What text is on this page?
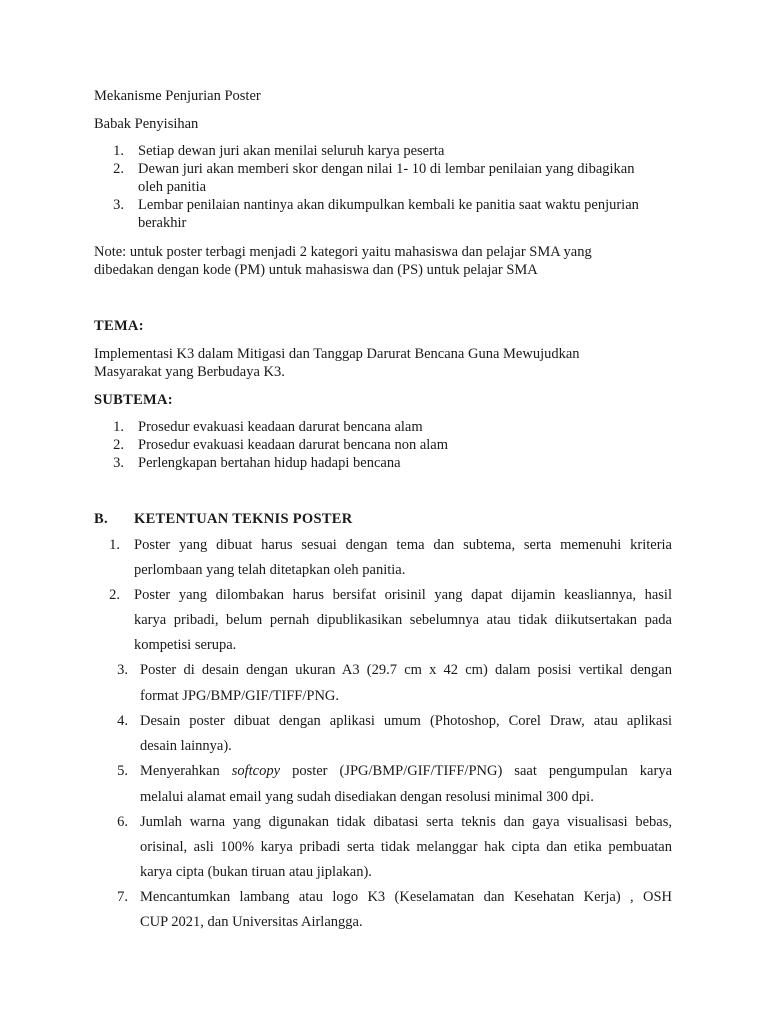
Mekanisme Penjurian Poster
Babak Penyisihan
1. Setiap dewan juri akan menilai seluruh karya peserta
2. Dewan juri akan memberi skor dengan nilai 1- 10 di lembar penilaian yang dibagikan
oleh panitia
3. Lembar penilaian nantinya akan dikumpulkan kembali ke panitia saat waktu penjurian
berakhir
Note: untuk poster terbagi menjadi 2 kategori yaitu mahasiswa dan pelajar SMA yang
dibedakan dengan kode (PM) untuk mahasiswa dan (PS) untuk pelajar SMA
TEMA:
Implementasi K3 dalam Mitigasi dan Tanggap Darurat Bencana Guna Mewujudkan
Masyarakat yang Berbudaya K3.
SUBTEMA:
1. Prosedur evakuasi keadaan darurat bencana alam
2. Prosedur evakuasi keadaan darurat bencana non alam
3. Perlengkapan bertahan hidup hadapi bencana
B. KETENTUAN TEKNIS POSTER
1. Poster yang dibuat harus sesuai dengan tema dan subtema, serta memenuhi kriteria
perlombaan yang telah ditetapkan oleh panitia.
2. Poster yang dilombakan harus bersifat orisinil yang dapat dijamin keasliannya, hasil
karya pribadi, belum pernah dipublikasikan sebelumnya atau tidak diikutsertakan pada
kompetisi serupa.
3. Poster di desain dengan ukuran A3 (29.7 cm x 42 cm) dalam posisi vertikal dengan
format JPG/BMP/GIF/TIFF/PNG.
4. Desain poster dibuat dengan aplikasi umum (Photoshop, Corel Draw, atau aplikasi
desain lainnya).
5. Menyerahkan softcopy poster (JPG/BMP/GIF/TIFF/PNG) saat pengumpulan karya
melalui alamat email yang sudah disediakan dengan resolusi minimal 300 dpi.
6. Jumlah warna yang digunakan tidak dibatasi serta teknis dan gaya visualisasi bebas,
orisinal, asli 100% karya pribadi serta tidak melanggar hak cipta dan etika pembuatan
karya cipta (bukan tiruan atau jiplakan).
7. Mencantumkan lambang atau logo K3 (Keselamatan dan Kesehatan Kerja) , OSH
CUP 2021, dan Universitas Airlangga.
